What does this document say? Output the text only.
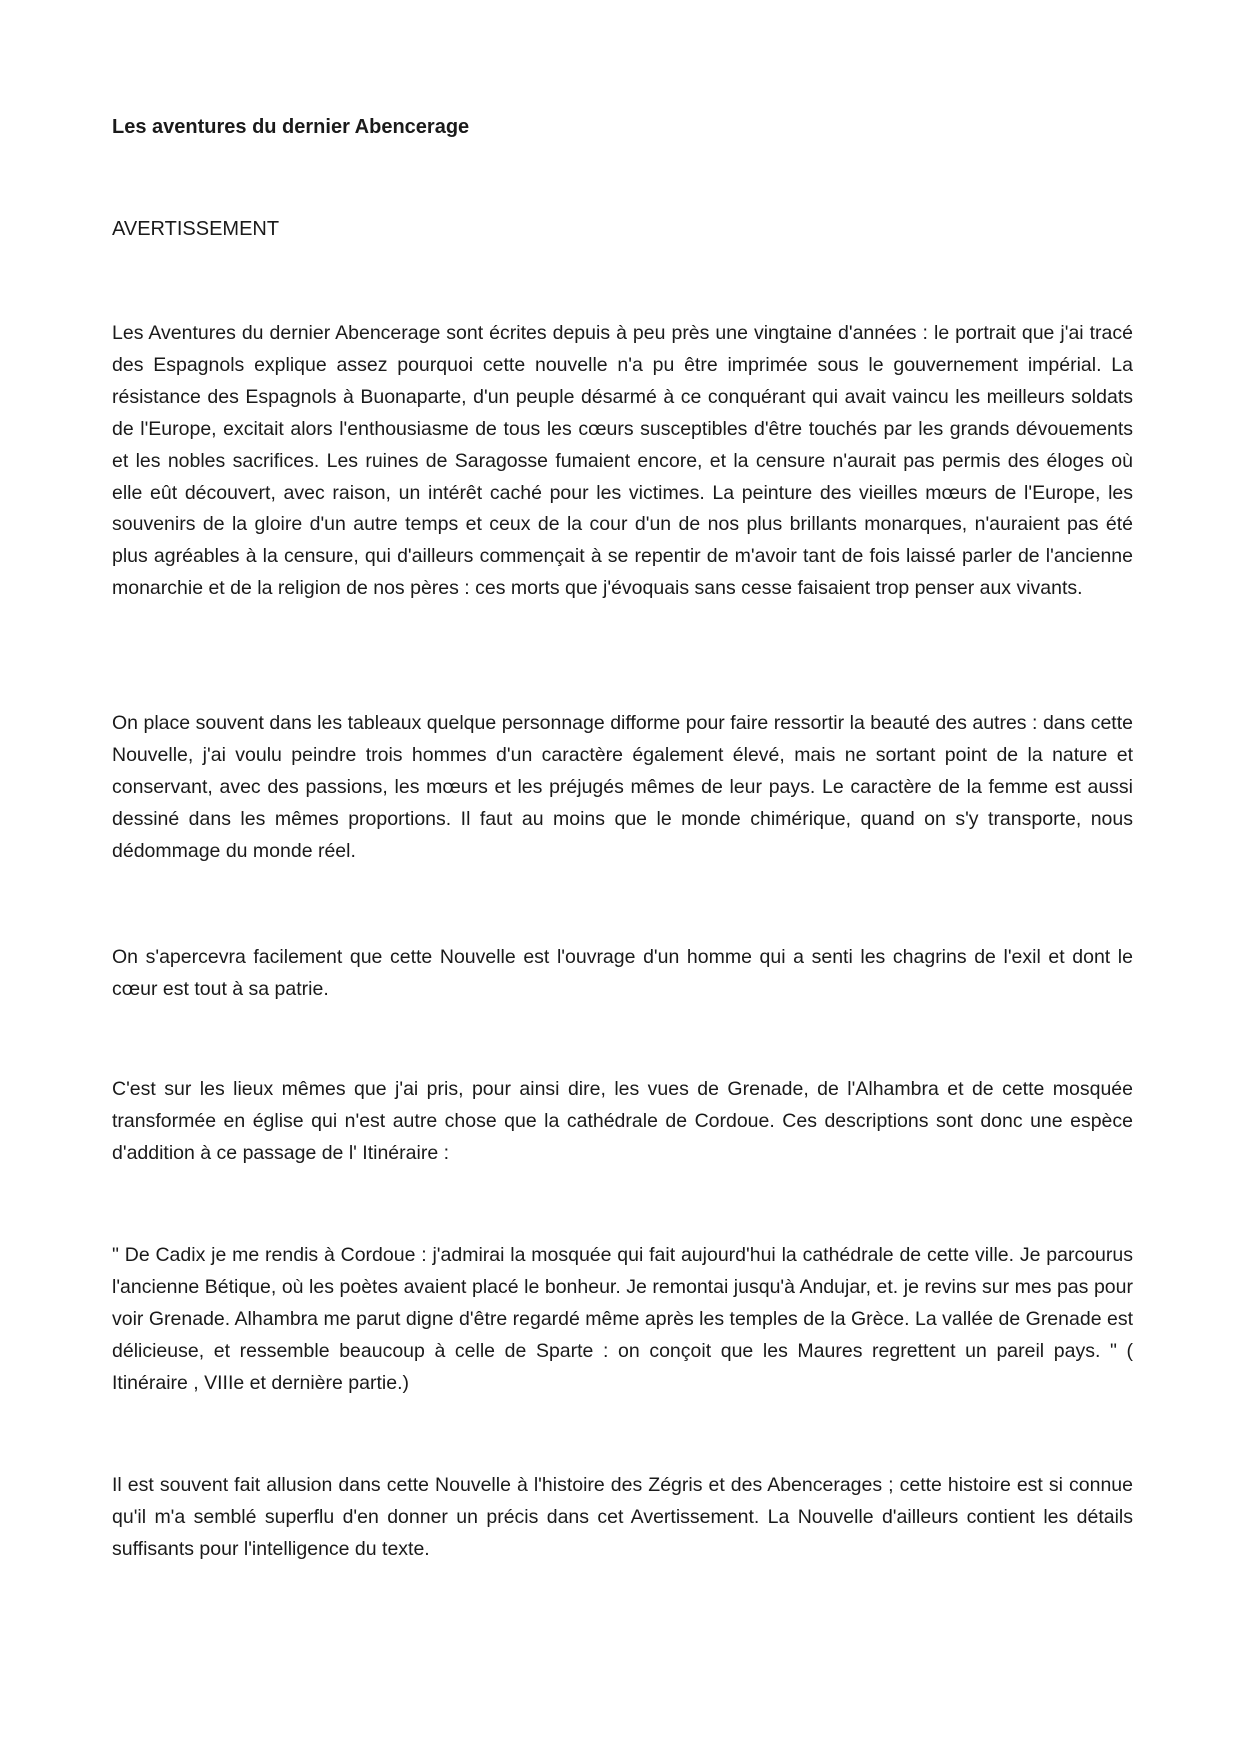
Les aventures du dernier Abencerage
AVERTISSEMENT

Les Aventures du dernier Abencerage sont écrites depuis à peu près une vingtaine d'années : le portrait que j'ai tracé des Espagnols explique assez pourquoi cette nouvelle n'a pu être imprimée sous le gouvernement impérial. La résistance des Espagnols à Buonaparte, d'un peuple désarmé à ce conquérant qui avait vaincu les meilleurs soldats de l'Europe, excitait alors l'enthousiasme de tous les cœurs susceptibles d'être touchés par les grands dévouements et les nobles sacrifices. Les ruines de Saragosse fumaient encore, et la censure n'aurait pas permis des éloges où elle eût découvert, avec raison, un intérêt caché pour les victimes. La peinture des vieilles mœurs de l'Europe, les souvenirs de la gloire d'un autre temps et ceux de la cour d'un de nos plus brillants monarques, n'auraient pas été plus agréables à la censure, qui d'ailleurs commençait à se repentir de m'avoir tant de fois laissé parler de l'ancienne monarchie et de la religion de nos pères : ces morts que j'évoquais sans cesse faisaient trop penser aux vivants.

On place souvent dans les tableaux quelque personnage difforme pour faire ressortir la beauté des autres : dans cette Nouvelle, j'ai voulu peindre trois hommes d'un caractère également élevé, mais ne sortant point de la nature et conservant, avec des passions, les mœurs et les préjugés mêmes de leur pays. Le caractère de la femme est aussi dessiné dans les mêmes proportions. Il faut au moins que le monde chimérique, quand on s'y transporte, nous dédommage du monde réel.

On s'apercevra facilement que cette Nouvelle est l'ouvrage d'un homme qui a senti les chagrins de l'exil et dont le cœur est tout à sa patrie.

C'est sur les lieux mêmes que j'ai pris, pour ainsi dire, les vues de Grenade, de l'Alhambra et de cette mosquée transformée en église qui n'est autre chose que la cathédrale de Cordoue. Ces descriptions sont donc une espèce d'addition à ce passage de l' Itinéraire :

" De Cadix je me rendis à Cordoue : j'admirai la mosquée qui fait aujourd'hui la cathédrale de cette ville. Je parcourus l'ancienne Bétique, où les poètes avaient placé le bonheur. Je remontai jusqu'à Andujar, et. je revins sur mes pas pour voir Grenade. Alhambra me parut digne d'être regardé même après les temples de la Grèce. La vallée de Grenade est délicieuse, et ressemble beaucoup à celle de Sparte : on conçoit que les Maures regrettent un pareil pays. " ( Itinéraire , VIIIe et dernière partie.)

Il est souvent fait allusion dans cette Nouvelle à l'histoire des Zégris et des Abencerages ; cette histoire est si connue qu'il m'a semblé superflu d'en donner un précis dans cet Avertissement. La Nouvelle d'ailleurs contient les détails suffisants pour l'intelligence du texte.
